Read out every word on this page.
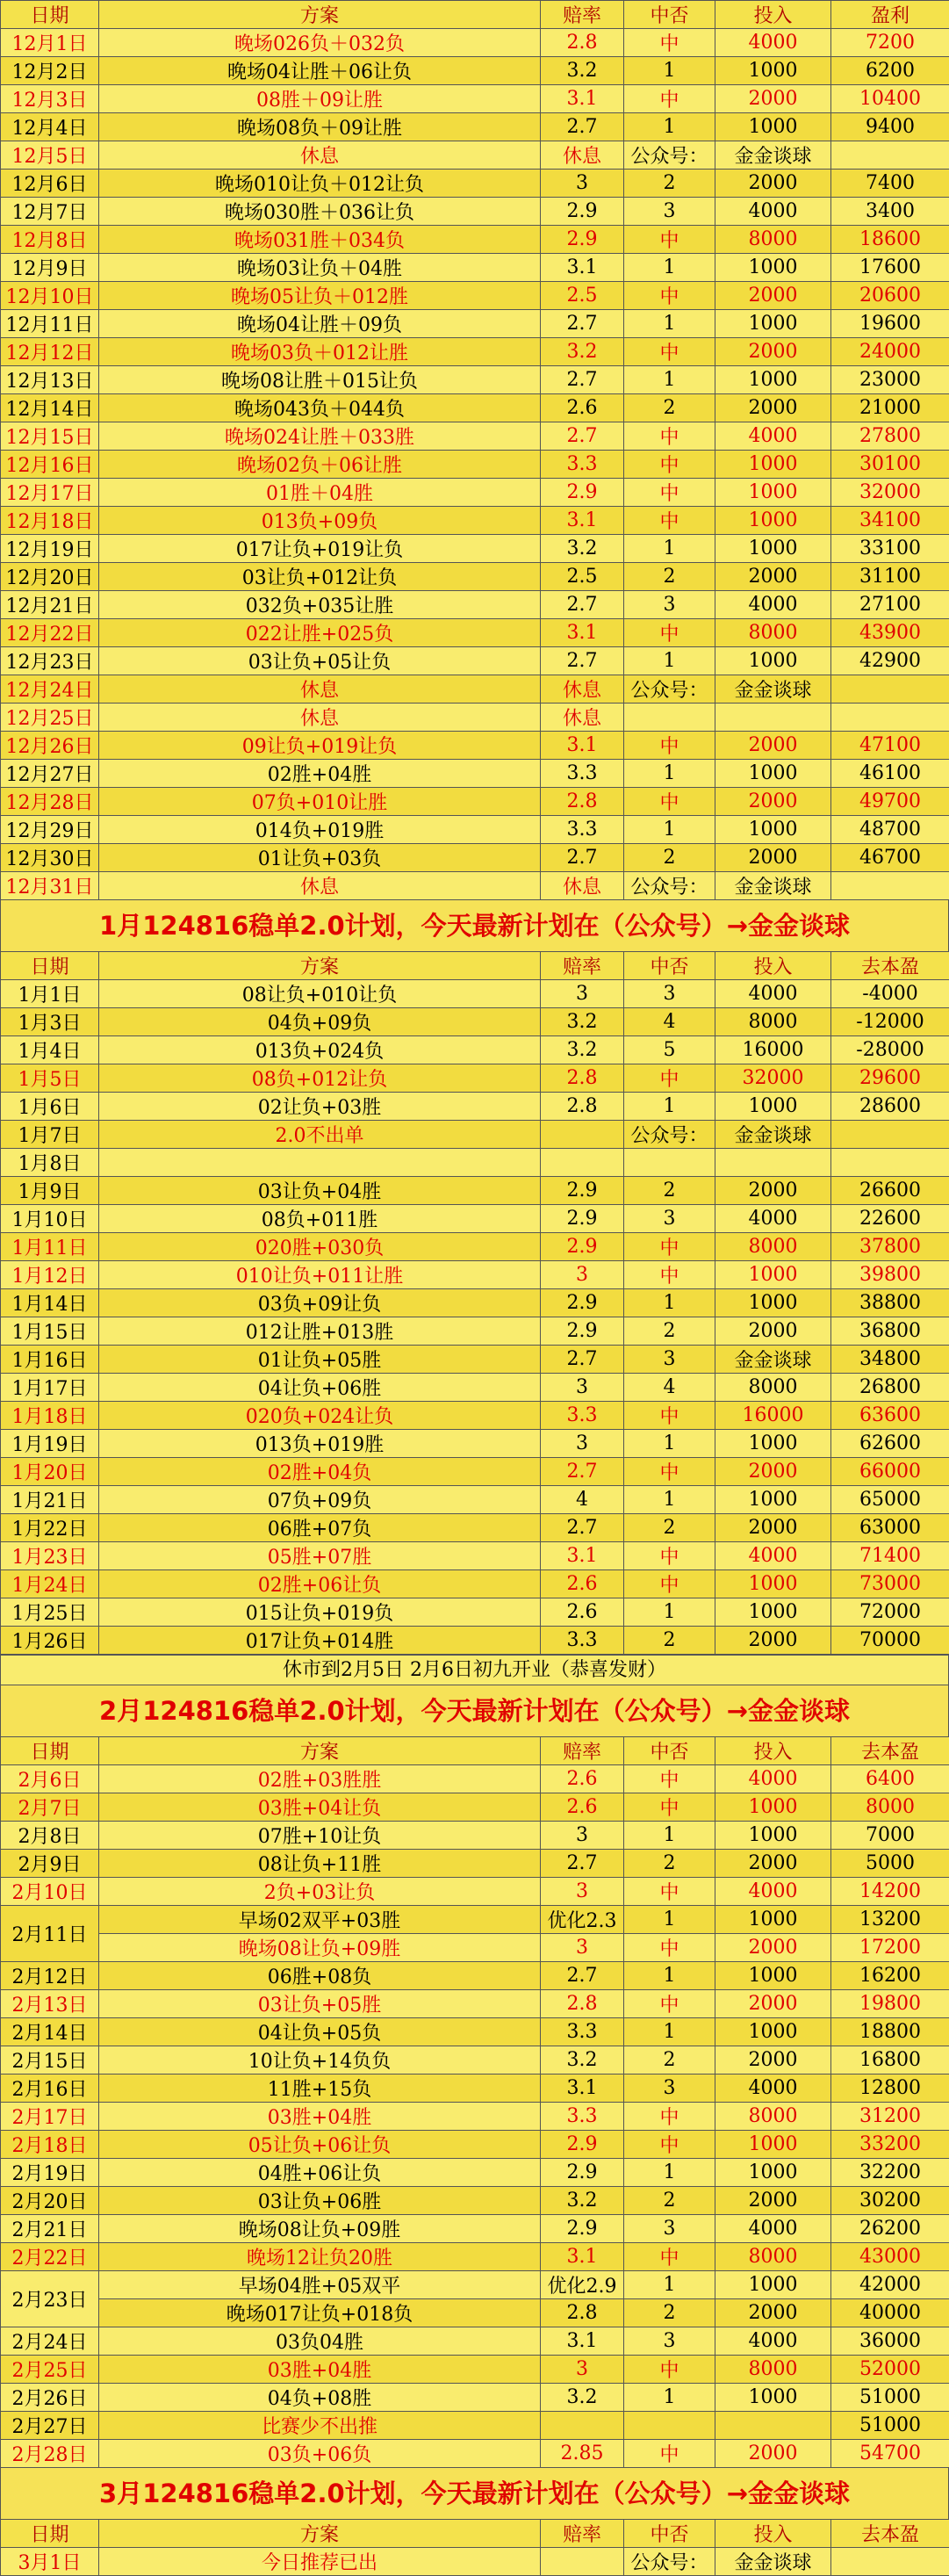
日期	方案	赔率	中否	投入	盈利
12月1日	晚场026负＋032负	2.8	中	4000	7200
12月2日	晚场04让胜＋06让负	3.2	1	1000	6200
12月3日	08胜＋09让胜	3.1	中	2000	10400
12月4日	晚场08负＋09让胜	2.7	1	1000	9400
12月5日	休息	休息	公众号：	金金谈球	
12月6日	晚场010让负＋012让负	3	2	2000	7400
12月7日	晚场030胜＋036让负	2.9	3	4000	3400
12月8日	晚场031胜＋034负	2.9	中	8000	18600
12月9日	晚场03让负＋04胜	3.1	1	1000	17600
12月10日	晚场05让负＋012胜	2.5	中	2000	20600
12月11日	晚场04让胜＋09负	2.7	1	1000	19600
12月12日	晚场03负＋012让胜	3.2	中	2000	24000
12月13日	晚场08让胜＋015让负	2.7	1	1000	23000
12月14日	晚场043负＋044负	2.6	2	2000	21000
12月15日	晚场024让胜＋033胜	2.7	中	4000	27800
12月16日	晚场02负＋06让胜	3.3	中	1000	30100
12月17日	01胜＋04胜	2.9	中	1000	32000
12月18日	013负+09负	3.1	中	1000	34100
12月19日	017让负+019让负	3.2	1	1000	33100
12月20日	03让负+012让负	2.5	2	2000	31100
12月21日	032负+035让胜	2.7	3	4000	27100
12月22日	022让胜+025负	3.1	中	8000	43900
12月23日	03让负+05让负	2.7	1	1000	42900
12月24日	休息	休息	公众号：	金金谈球	
12月25日	休息	休息			
12月26日	09让负+019让负	3.1	中	2000	47100
12月27日	02胜+04胜	3.3	1	1000	46100
12月28日	07负+010让胜	2.8	中	2000	49700
12月29日	014负+019胜	3.3	1	1000	48700
12月30日	01让负+03负	2.7	2	2000	46700
12月31日	休息	休息	公众号：	金金谈球	
1月124816稳单2.0计划，今天最新计划在（公众号）→金金谈球
日期	方案	赔率	中否	投入	去本盈
1月1日	08让负+010让负	3	3	4000	-4000
1月3日	04负+09负	3.2	4	8000	-12000
1月4日	013负+024负	3.2	5	16000	-28000
1月5日	08负+012让负	2.8	中	32000	29600
1月6日	02让负+03胜	2.8	1	1000	28600
1月7日	2.0不出单		公众号：	金金谈球	
1月8日					
1月9日	03让负+04胜	2.9	2	2000	26600
1月10日	08负+011胜	2.9	3	4000	22600
1月11日	020胜+030负	2.9	中	8000	37800
1月12日	010让负+011让胜	3	中	1000	39800
1月14日	03负+09让负	2.9	1	1000	38800
1月15日	012让胜+013胜	2.9	2	2000	36800
1月16日	01让负+05胜	2.7	3	金金谈球	34800
1月17日	04让负+06胜	3	4	8000	26800
1月18日	020负+024让负	3.3	中	16000	63600
1月19日	013负+019胜	3	1	1000	62600
1月20日	02胜+04负	2.7	中	2000	66000
1月21日	07负+09负	4	1	1000	65000
1月22日	06胜+07负	2.7	2	2000	63000
1月23日	05胜+07胜	3.1	中	4000	71400
1月24日	02胜+06让负	2.6	中	1000	73000
1月25日	015让负+019负	2.6	1	1000	72000
1月26日	017让负+014胜	3.3	2	2000	70000
休市到2月5日 2月6日初九开业（恭喜发财）
2月124816稳单2.0计划，今天最新计划在（公众号）→金金谈球
日期	方案	赔率	中否	投入	去本盈
2月6日	02胜+03胜胜	2.6	中	4000	6400
2月7日	03胜+04让负	2.6	中	1000	8000
2月8日	07胜+10让负	3	1	1000	7000
2月9日	08让负+11胜	2.7	2	2000	5000
2月10日	2负+03让负	3	中	4000	14200
2月11日	早场02双平+03胜	优化2.3	1	1000	13200
	晚场08让负+09胜	3	中	2000	17200
2月12日	06胜+08负	2.7	1	1000	16200
2月13日	03让负+05胜	2.8	中	2000	19800
2月14日	04让负+05负	3.3	1	1000	18800
2月15日	10让负+14负负	3.2	2	2000	16800
2月16日	11胜+15负	3.1	3	4000	12800
2月17日	03胜+04胜	3.3	中	8000	31200
2月18日	05让负+06让负	2.9	中	1000	33200
2月19日	04胜+06让负	2.9	1	1000	32200
2月20日	03让负+06胜	3.2	2	2000	30200
2月21日	晚场08让负+09胜	2.9	3	4000	26200
2月22日	晚场12让负20胜	3.1	中	8000	43000
2月23日	早场04胜+05双平	优化2.9	1	1000	42000
	晚场017让负+018负	2.8	2	2000	40000
2月24日	03负04胜	3.1	3	4000	36000
2月25日	03胜+04胜	3	中	8000	52000
2月26日	04负+08胜	3.2	1	1000	51000
2月27日	比赛少不出推				51000
2月28日	03负+06负	2.85	中	2000	54700
3月124816稳单2.0计划，今天最新计划在（公众号）→金金谈球
日期	方案	赔率	中否	投入	去本盈
3月1日	今日推荐已出		公众号：	金金谈球	
